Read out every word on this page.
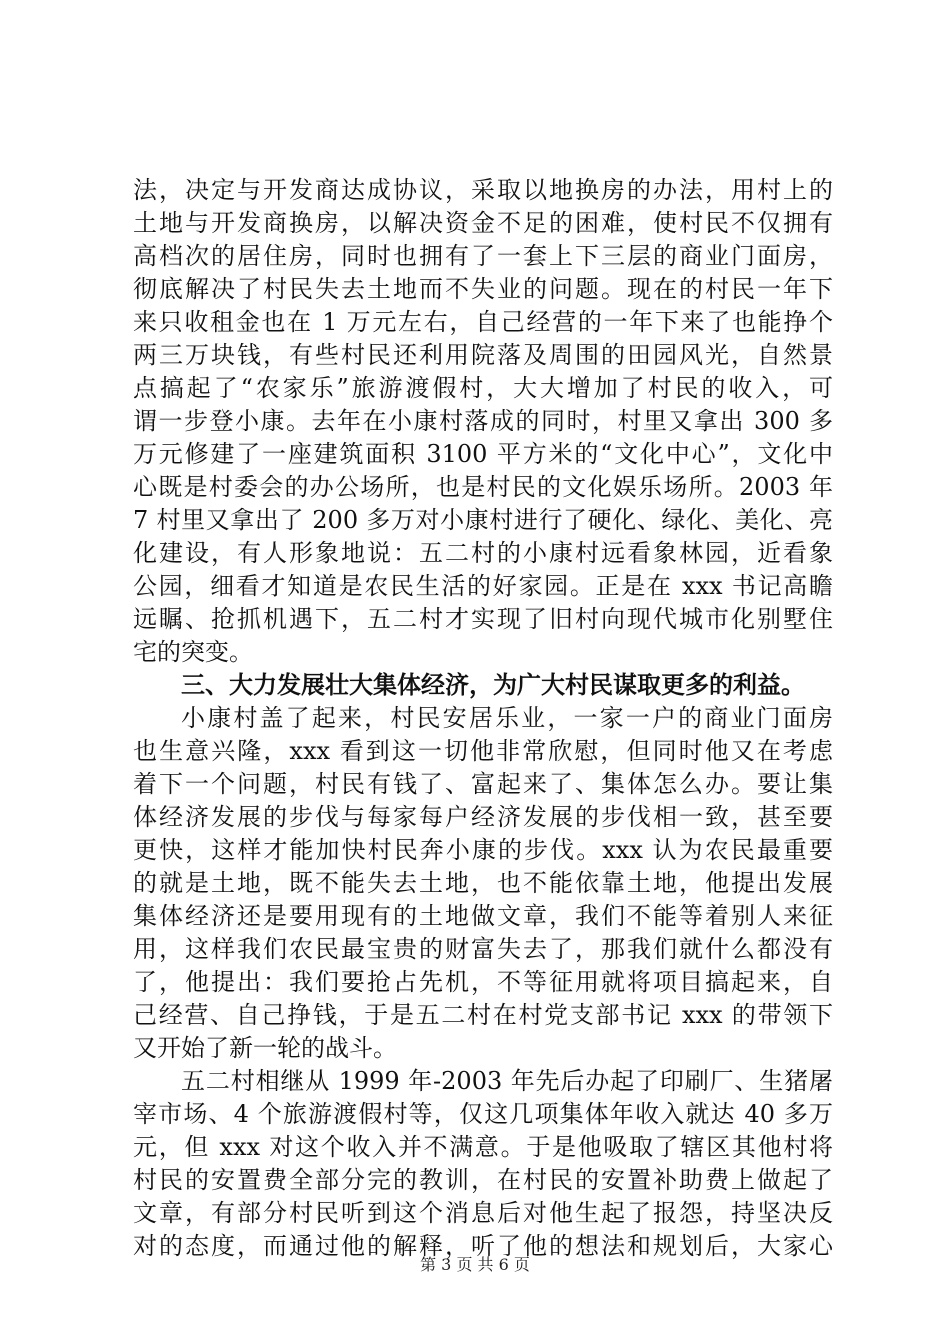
法，决定与开发商达成协议，采取以地换房的办法，用村上的
土地与开发商换房，以解决资金不足的困难，使村民不仅拥有
高档次的居住房，同时也拥有了一套上下三层的商业门面房，
彻底解决了村民失去土地而不失业的问题。现在的村民一年下
来只收租金也在 1 万元左右，自己经营的一年下来了也能挣个
两三万块钱，有些村民还利用院落及周围的田园风光，自然景
点搞起了“农家乐”旅游渡假村，大大增加了村民的收入，可
谓一步登小康。去年在小康村落成的同时，村里又拿出 300 多
万元修建了一座建筑面积 3100 平方米的“文化中心”，文化中
心既是村委会的办公场所，也是村民的文化娱乐场所。2003 年
7 村里又拿出了 200 多万对小康村进行了硬化、绿化、美化、亮
化建设，有人形象地说：五二村的小康村远看象林园，近看象
公园，细看才知道是农民生活的好家园。正是在 xxx 书记高瞻
远瞩、抢抓机遇下，五二村才实现了旧村向现代城市化别墅住
宅的突变。
三、大力发展壮大集体经济，为广大村民谋取更多的利益。
小康村盖了起来，村民安居乐业，一家一户的商业门面房
也生意兴隆，xxx 看到这一切他非常欣慰，但同时他又在考虑
着下一个问题，村民有钱了、富起来了、集体怎么办。要让集
体经济发展的步伐与每家每户经济发展的步伐相一致，甚至要
更快，这样才能加快村民奔小康的步伐。xxx 认为农民最重要
的就是土地，既不能失去土地，也不能依靠土地，他提出发展
集体经济还是要用现有的土地做文章，我们不能等着别人来征
用，这样我们农民最宝贵的财富失去了，那我们就什么都没有
了，他提出：我们要抢占先机，不等征用就将项目搞起来，自
己经营、自己挣钱，于是五二村在村党支部书记 xxx 的带领下
又开始了新一轮的战斗。
五二村相继从 1999 年-2003 年先后办起了印刷厂、生猪屠
宰市场、4 个旅游渡假村等，仅这几项集体年收入就达 40 多万
元，但 xxx 对这个收入并不满意。于是他吸取了辖区其他村将
村民的安置费全部分完的教训，在村民的安置补助费上做起了
文章，有部分村民听到这个消息后对他生起了报怨，持坚决反
对的态度，而通过他的解释，听了他的想法和规划后，大家心
第 3 页 共 6 页
